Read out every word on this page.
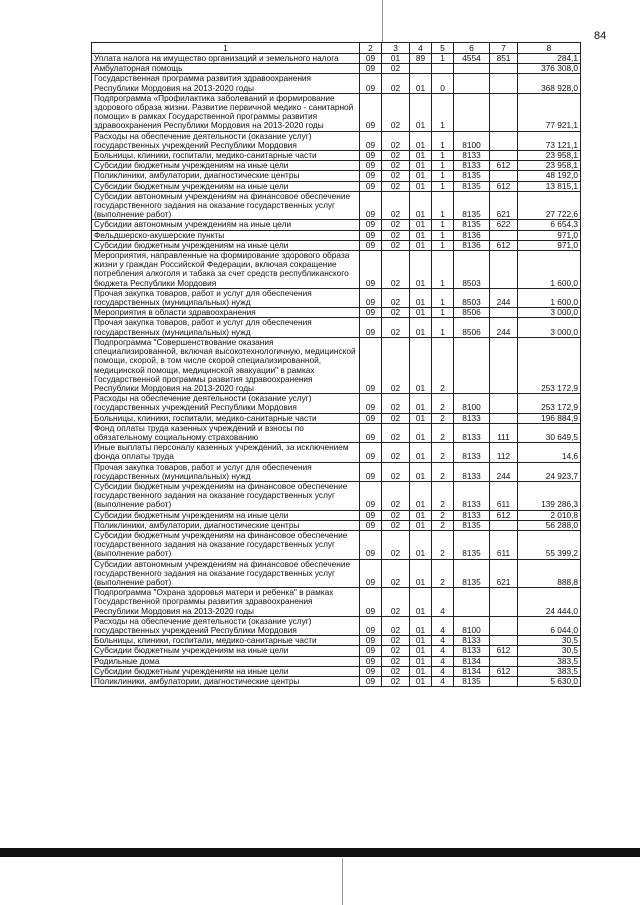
84
1	2	3	4	5	6	7	8
Уплата налога на имущество организаций и земельного налога	09	01	89	1	4554	851	284,1
Амбулаторная помощь	09	02					376 308,0
Государственная программа развития здравоохранения Республики Мордовия на 2013-2020 годы	09	02	01	0			368 928,0
Подпрограмма «Профилактика заболеваний и формирование здорового образа жизни. Развитие первичной медико - санитарной помощи» в рамках Государственной программы развития здравоохранения Республики Мордовия на 2013-2020 годы	09	02	01	1			77 921,1
Расходы на обеспечение деятельности (оказание услуг) государственных учреждений Республики Мордовия	09	02	01	1	8100		73 121,1
Больницы, клиники, госпитали, медико-санитарные части	09	02	01	1	8133		23 958,1
Субсидии бюджетным учреждениям на иные цели	09	02	01	1	8133	612	23 958,1
Поликлиники, амбулатории, диагностические центры	09	02	01	1	8135		48 192,0
Субсидии бюджетным учреждениям на иные цели	09	02	01	1	8135	612	13 815,1
Субсидии автономным учреждениям на финансовое обеспечение государственного задания на оказание государственных услуг (выполнение работ)	09	02	01	1	8135	621	27 722,6
Субсидии автономным учреждениям на иные цели	09	02	01	1	8135	622	6 654,3
Фельдшерско-акушерские пункты	09	02	01	1	8136		971,0
Субсидии бюджетным учреждениям на иные цели	09	02	01	1	8136	612	971,0
Мероприятия, направленные на формирование здорового образа жизни у граждан Российской Федерации, включая сокращение потребления алкоголя и табака за счет средств республиканского бюджета Республики Мордовия	09	02	01	1	8503		1 600,0
Прочая закупка товаров, работ и услуг для обеспечения государственных (муниципальных) нужд	09	02	01	1	8503	244	1 600,0
Мероприятия в области здравоохранения	09	02	01	1	8506		3 000,0
Прочая закупка товаров, работ и услуг для обеспечения государственных (муниципальных) нужд	09	02	01	1	8506	244	3 000,0
Подпрограмма "Совершенствование оказания специализированной, включая высокотехнологичную, медицинской помощи, скорой, в том числе скорой специализированной, медицинской помощи, медицинской эвакуации" в рамках Государственной программы развития здравоохранения Республики Мордовия на 2013-2020 годы	09	02	01	2			253 172,9
Расходы на обеспечение деятельности (оказание услуг) государственных учреждений Республики Мордовия	09	02	01	2	8100		253 172,9
Больницы, клиники, госпитали, медико-санитарные части	09	02	01	2	8133		196 884,9
Фонд оплаты труда казенных учреждений и взносы по обязательному социальному страхованию	09	02	01	2	8133	111	30 649,5
Иные выплаты персоналу казенных учреждений, за исключением фонда оплаты труда	09	02	01	2	8133	112	14,6
Прочая закупка товаров, работ и услуг для обеспечения государственных (муниципальных) нужд	09	02	01	2	8133	244	24 923,7
Субсидии бюджетным учреждениям на финансовое обеспечение государственного задания на оказание государственных услуг (выполнение работ)	09	02	01	2	8133	611	139 286,3
Субсидии бюджетным учреждениям на иные цели	09	02	01	2	8133	612	2 010,8
Поликлиники, амбулатории, диагностические центры	09	02	01	2	8135		56 288,0
Субсидии бюджетным учреждениям на финансовое обеспечение государственного задания на оказание государственных услуг (выполнение работ)	09	02	01	2	8135	611	55 399,2
Субсидии автономным учреждениям на финансовое обеспечение государственного задания на оказание государственных услуг (выполнение работ)	09	02	01	2	8135	621	888,8
Подпрограмма "Охрана здоровья матери и ребенка" в рамках Государственной программы развития здравоохранения Республики Мордовия на 2013-2020 годы	09	02	01	4			24 444,0
Расходы на обеспечение деятельности (оказание услуг) государственных учреждений Республики Мордовия	09	02	01	4	8100		6 044,0
Больницы, клиники, госпитали, медико-санитарные части	09	02	01	4	8133		30,5
Субсидии бюджетным учреждениям на иные цели	09	02	01	4	8133	612	30,5
Родильные дома	09	02	01	4	8134		383,5
Субсидии бюджетным учреждениям на иные цели	09	02	01	4	8134	612	383,5
Поликлиники, амбулатории, диагностические центры	09	02	01	4	8135		5 630,0
